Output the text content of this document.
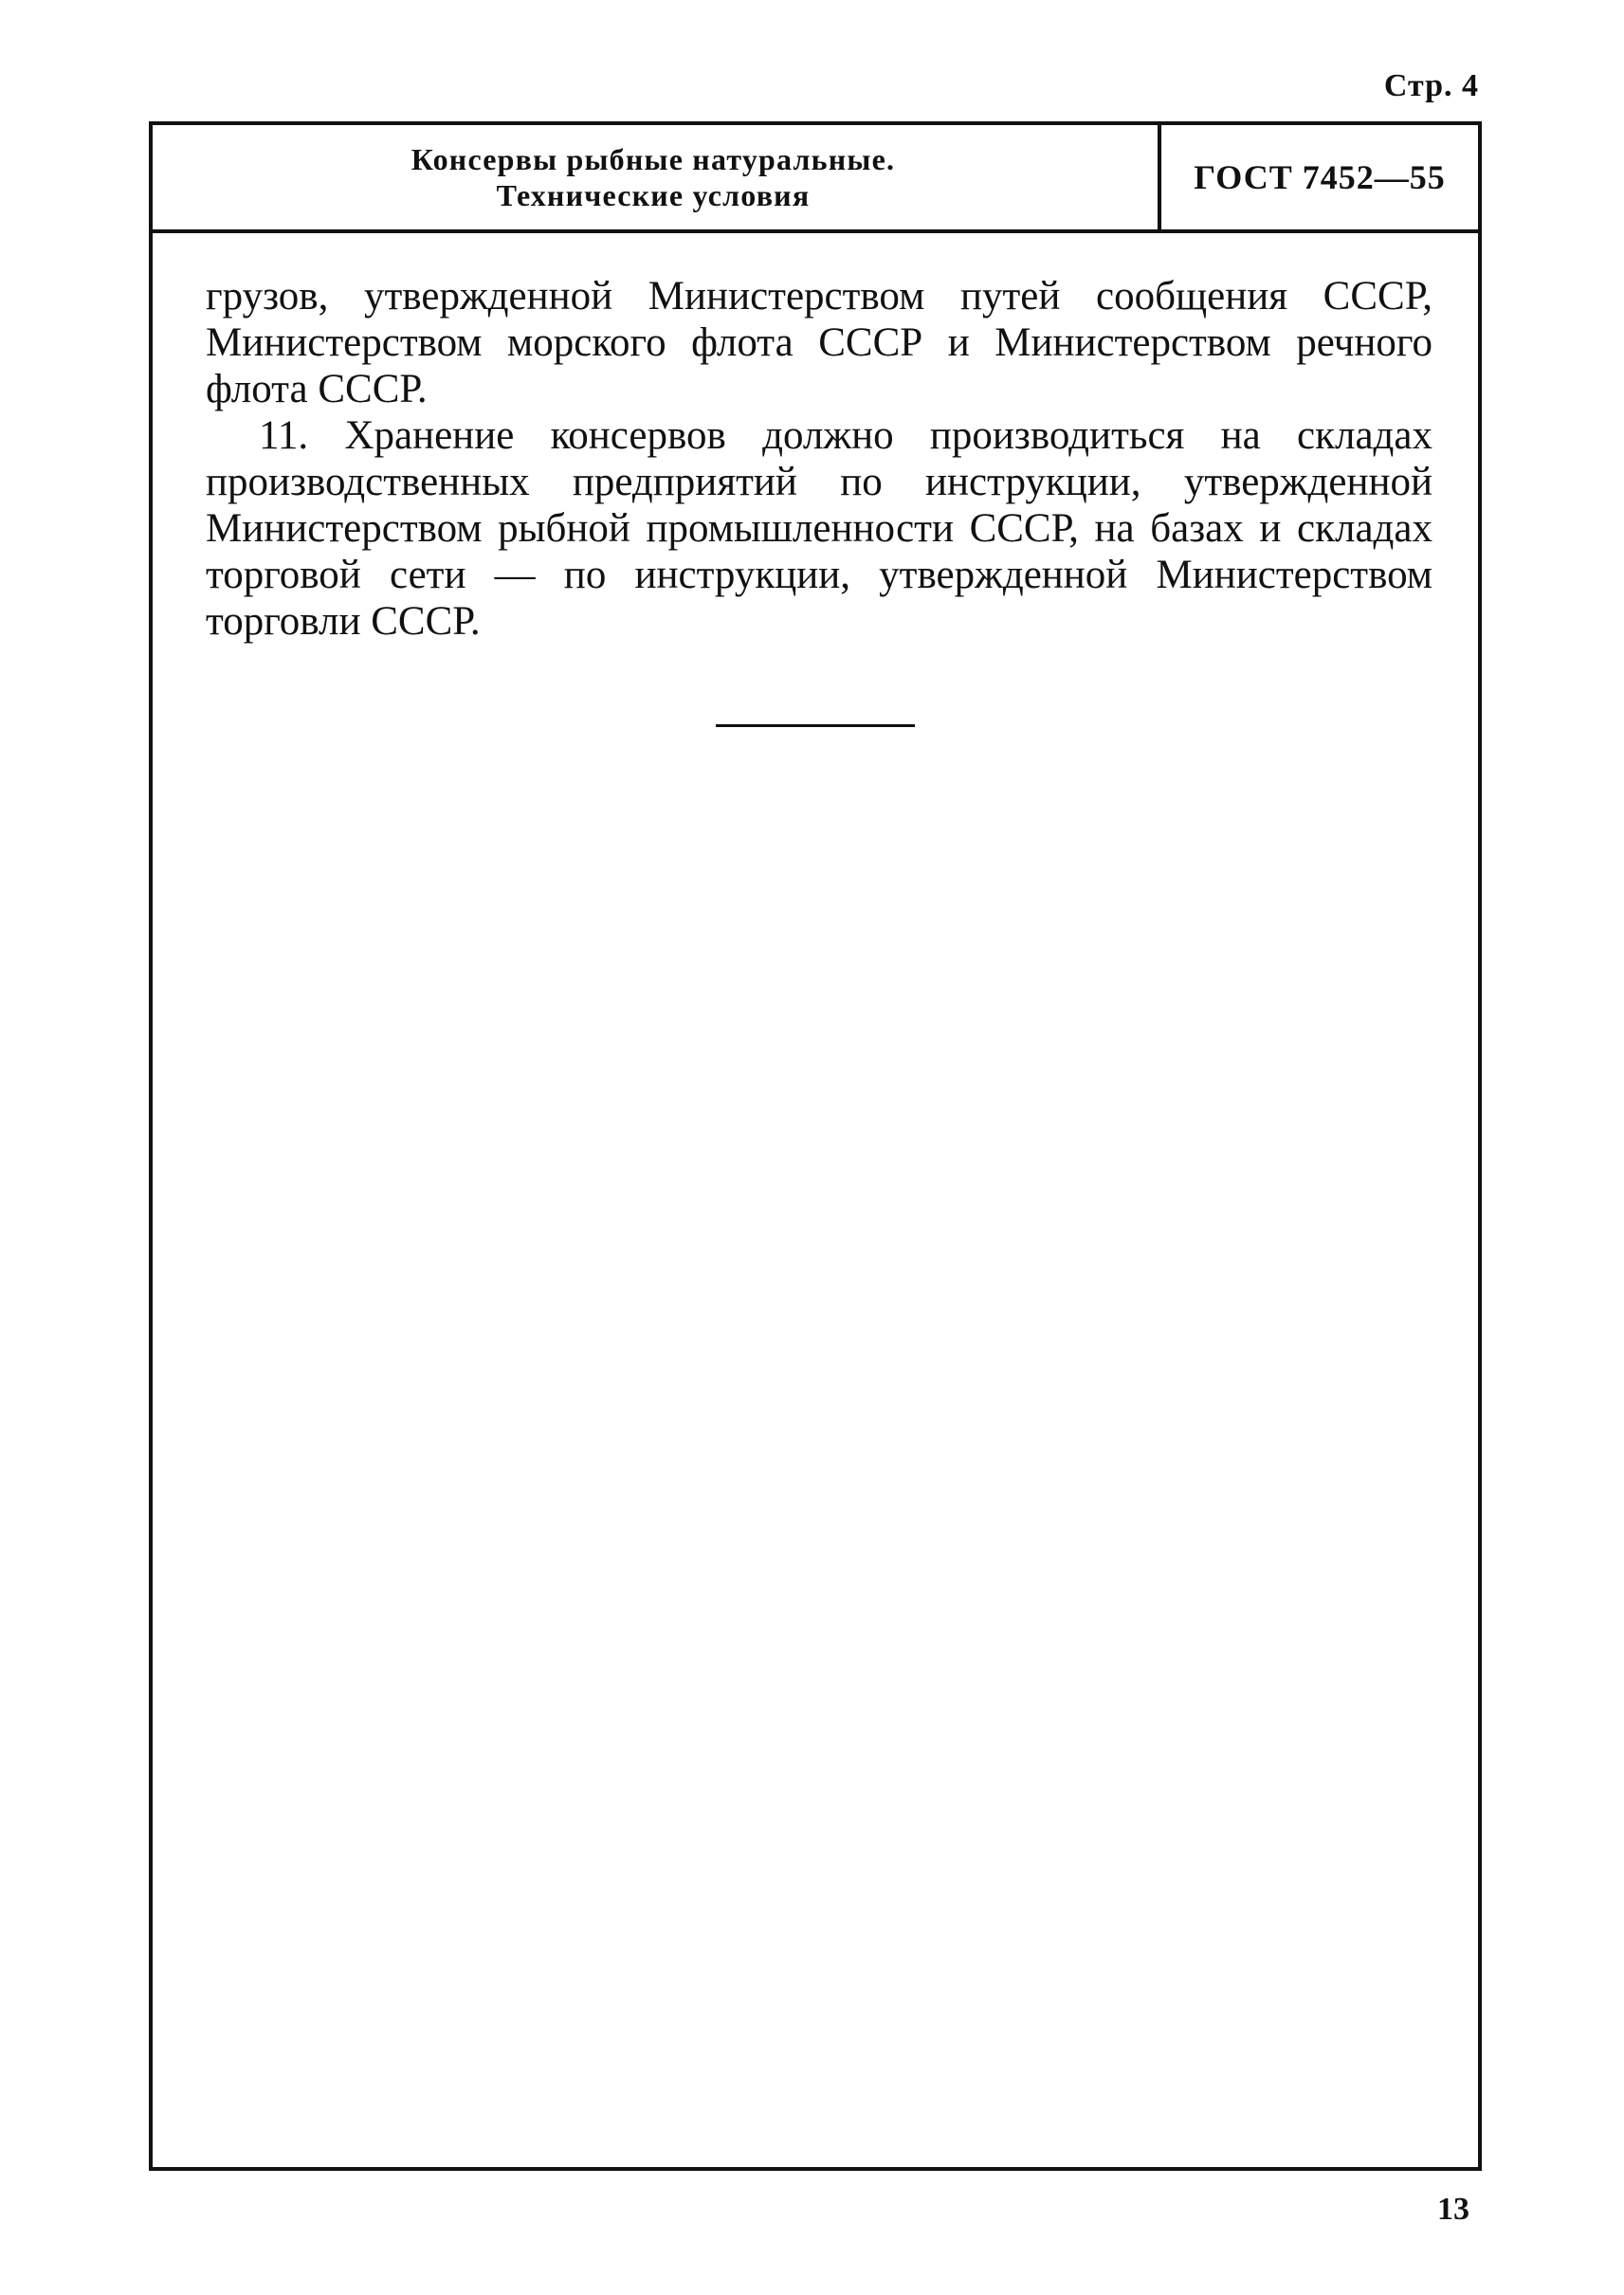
Стр. 4
Консервы рыбные натуральные.
Технические условия	ГОСТ 7452—55

грузов, утвержденной Министерством путей сообщения СССР, Министерством морского флота СССР и Министерством речного флота СССР.

11. Хранение консервов должно производиться на складах производственных предприятий по инструкции, утвержденной Министерством рыбной промышленности СССР, на базах и складах торговой сети — по инструкции, утвержденной Министерством торговли СССР.

13
